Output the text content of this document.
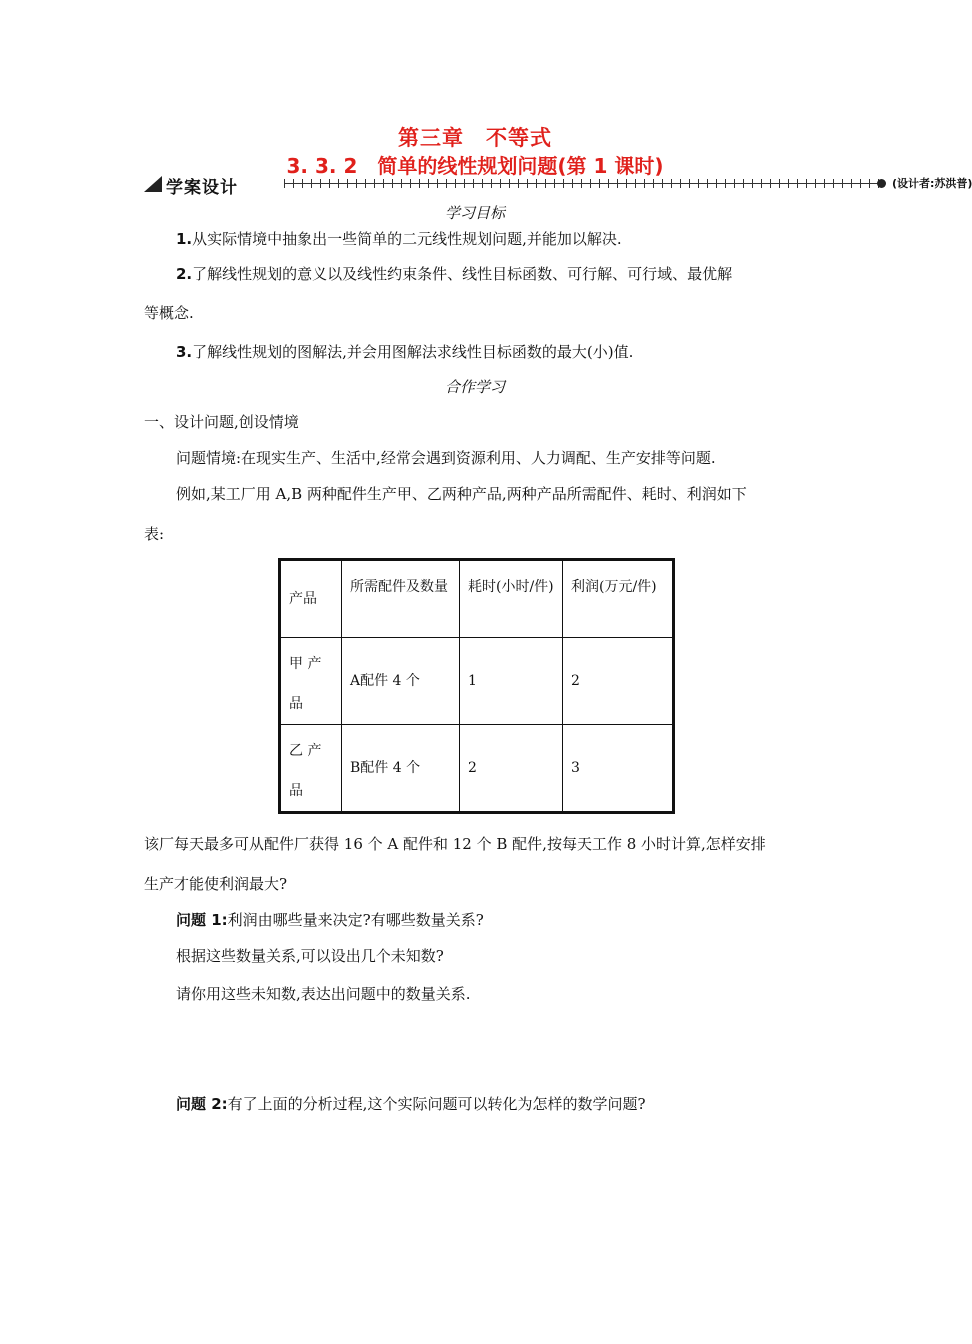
第三章　不等式
3. 3. 2　简单的线性规划问题(第 1 课时)
学案设计	(设计者:苏洪普)
学习目标
1.从实际情境中抽象出一些简单的二元线性规划问题,并能加以解决.
2.了解线性规划的意义以及线性约束条件、线性目标函数、可行解、可行域、最优解
等概念.
3.了解线性规划的图解法,并会用图解法求线性目标函数的最大(小)值.
合作学习
一、设计问题,创设情境
问题情境:在现实生产、生活中,经常会遇到资源利用、人力调配、生产安排等问题.
例如,某工厂用 A,B 两种配件生产甲、乙两种产品,两种产品所需配件、耗时、利润如下
表:
产品	所需配件及数量	耗时(小时/件)	利润(万元/件)
甲 产 品	A配件 4 个	1	2
乙 产 品	B配件 4 个	2	3
该厂每天最多可从配件厂获得 16 个 A 配件和 12 个 B 配件,按每天工作 8 小时计算,怎样安排
生产才能使利润最大?
问题 1:利润由哪些量来决定?有哪些数量关系?
根据这些数量关系,可以设出几个未知数?
请你用这些未知数,表达出问题中的数量关系.
问题 2:有了上面的分析过程,这个实际问题可以转化为怎样的数学问题?
